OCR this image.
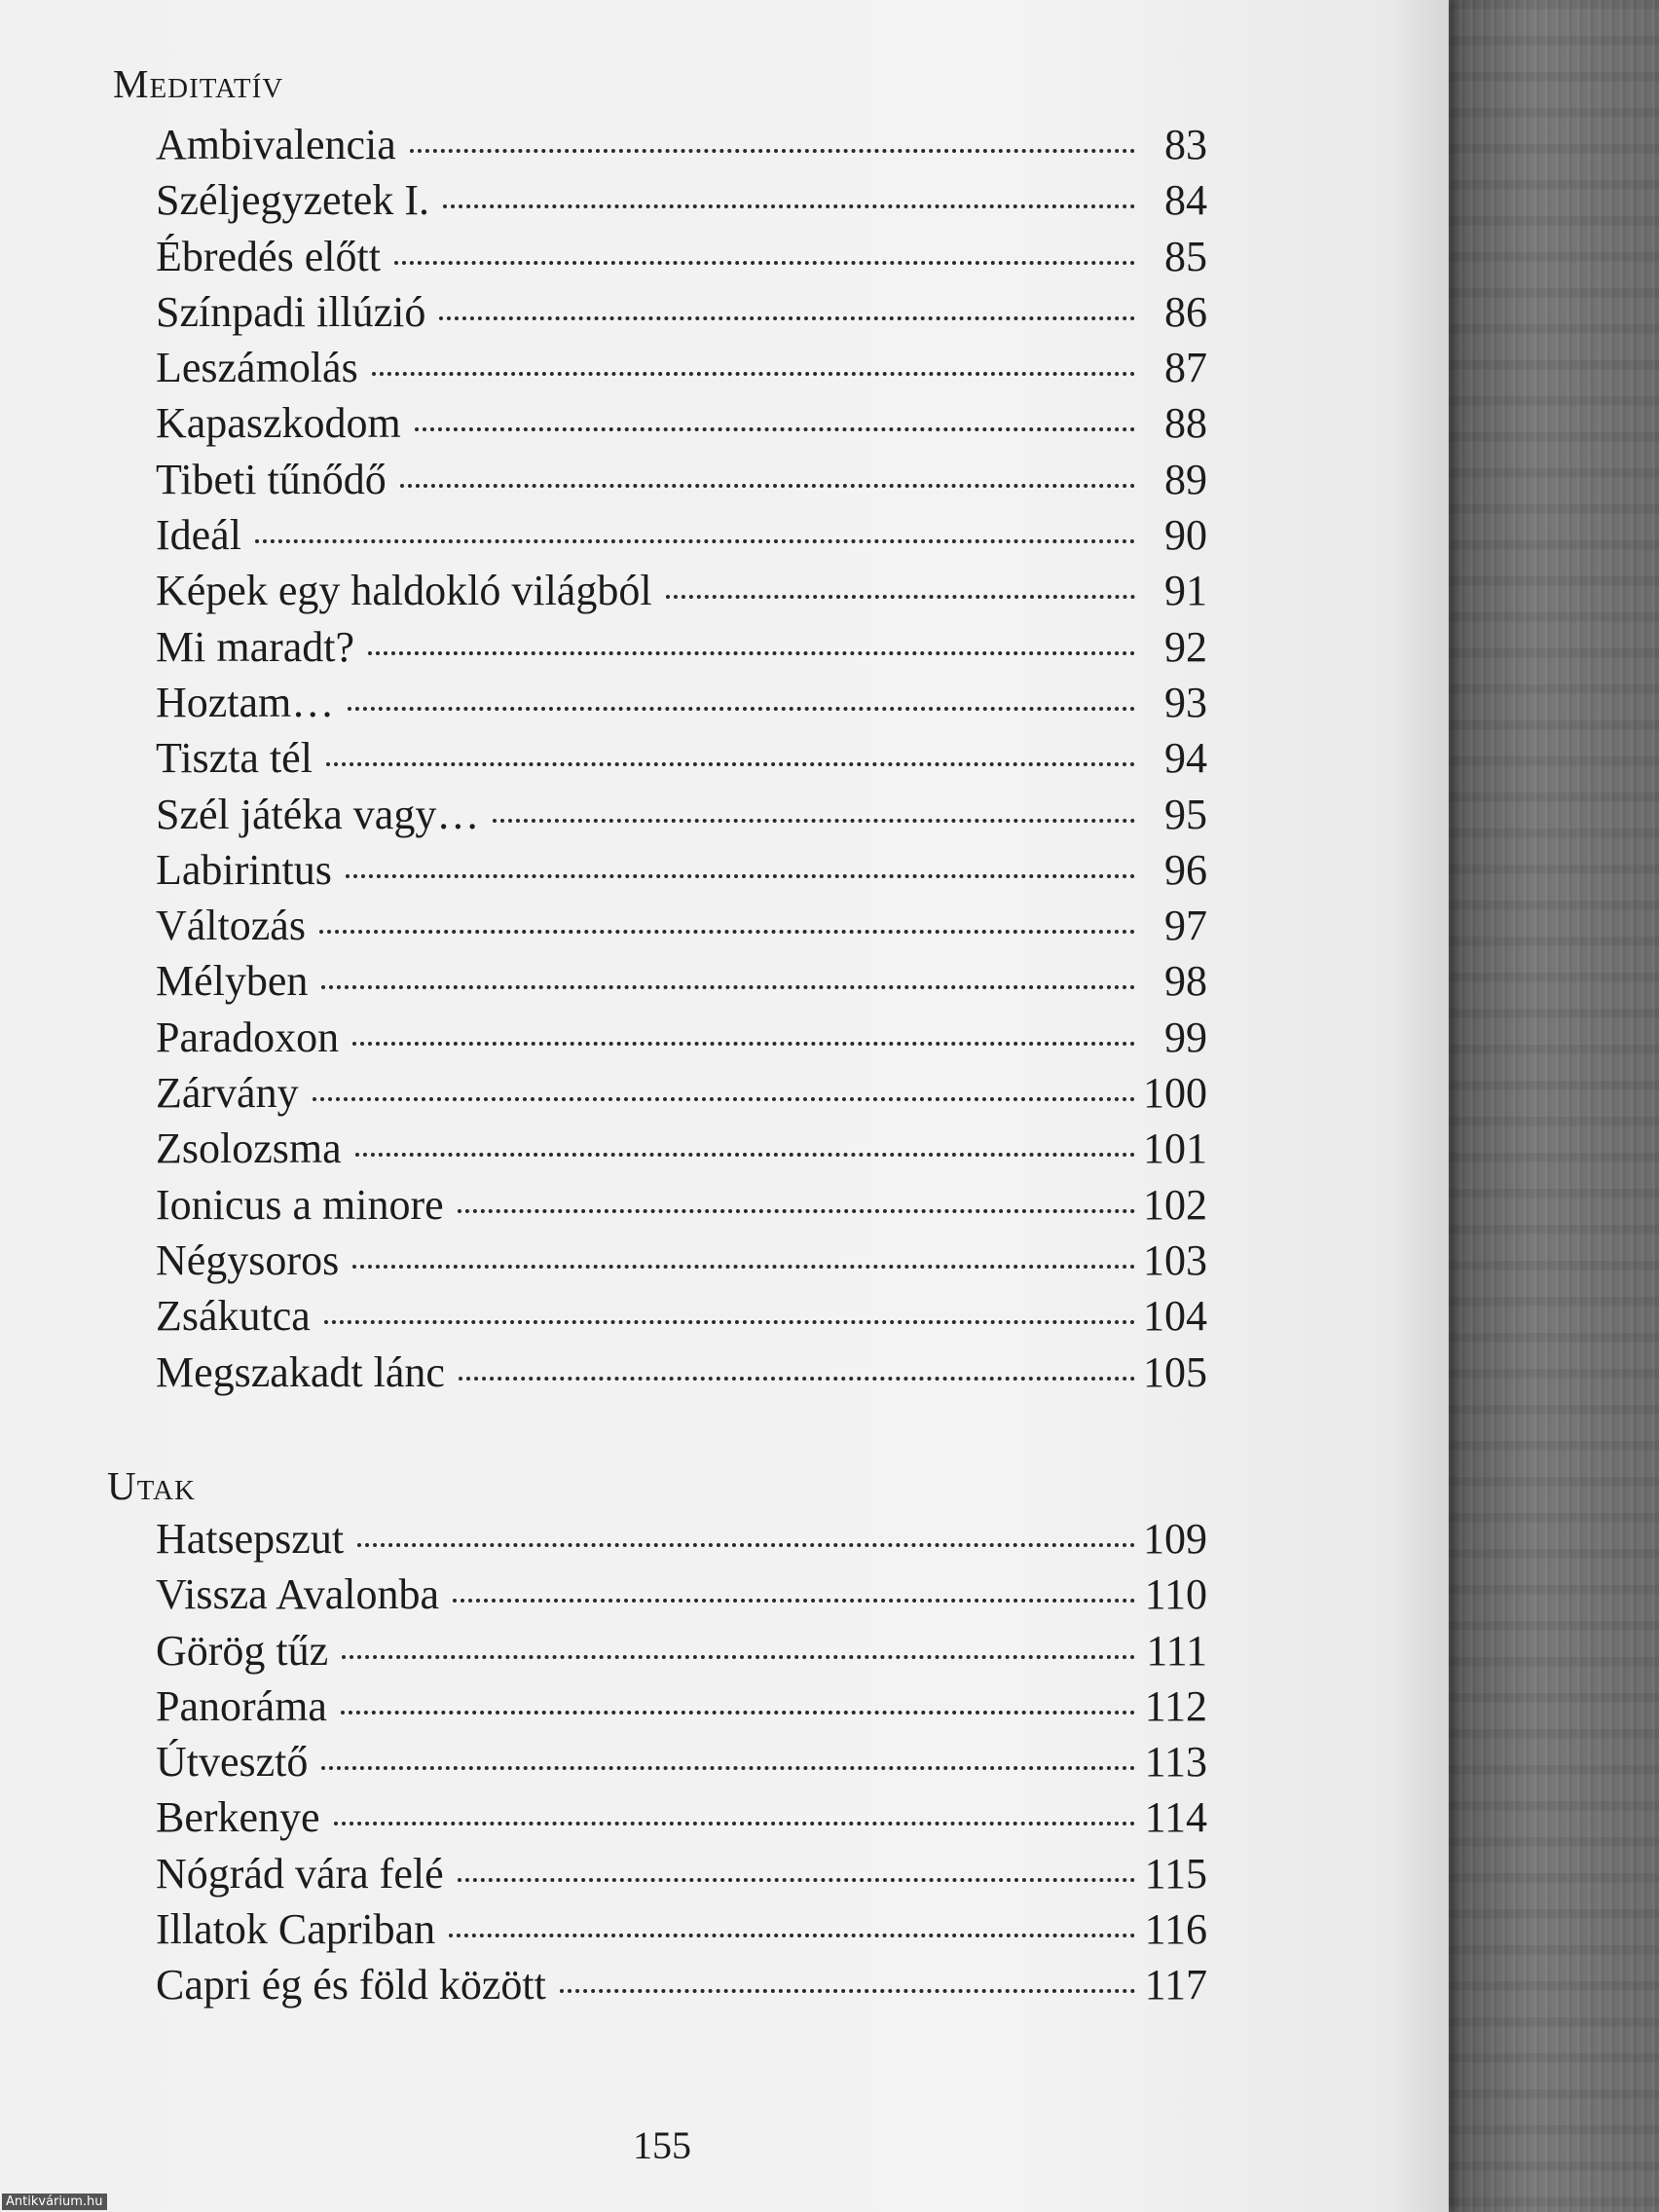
Meditatív
Ambivalencia	83
Széljegyzetek I.	84
Ébredés előtt	85
Színpadi illúzió	86
Leszámolás	87
Kapaszkodom	88
Tibeti tűnődő	89
Ideál	90
Képek egy haldokló világból	91
Mi maradt?	92
Hoztam…	93
Tiszta tél	94
Szél játéka vagy…	95
Labirintus	96
Változás	97
Mélyben	98
Paradoxon	99
Zárvány	100
Zsolozsma	101
Ionicus a minore	102
Négysoros	103
Zsákutca	104
Megszakadt lánc	105
Utak
Hatsepszut	109
Vissza Avalonba	110
Görög tűz	111
Panoráma	112
Útvesztő	113
Berkenye	114
Nógrád vára felé	115
Illatok Capriban	116
Capri ég és föld között	117
155
Antikvárium.hu
